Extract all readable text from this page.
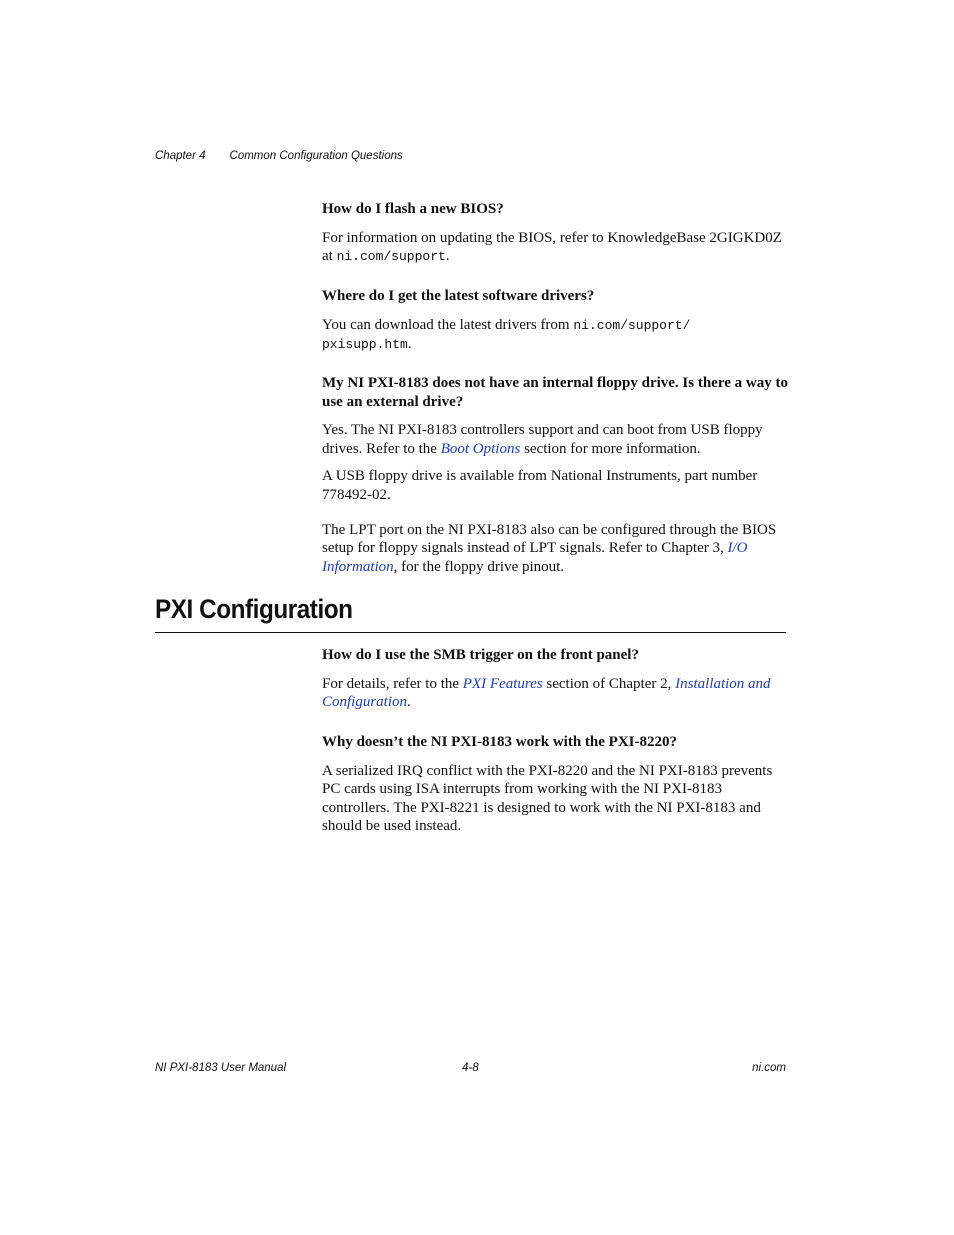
Chapter 4 Common Configuration Questions

How do I flash a new BIOS?

For information on updating the BIOS, refer to KnowledgeBase 2GIGKD0Z at ni.com/support.

Where do I get the latest software drivers?

You can download the latest drivers from ni.com/support/
pxisupp.htm.

My NI PXI-8183 does not have an internal floppy drive. Is there a way to use an external drive?

Yes. The NI PXI-8183 controllers support and can boot from USB floppy drives. Refer to the Boot Options section for more information.

A USB floppy drive is available from National Instruments, part number 778492-02.

The LPT port on the NI PXI-8183 also can be configured through the BIOS setup for floppy signals instead of LPT signals. Refer to Chapter 3, I/O Information, for the floppy drive pinout.

PXI Configuration

How do I use the SMB trigger on the front panel?

For details, refer to the PXI Features section of Chapter 2, Installation and Configuration.

Why doesn’t the NI PXI-8183 work with the PXI-8220?

A serialized IRQ conflict with the PXI-8220 and the NI PXI-8183 prevents PC cards using ISA interrupts from working with the NI PXI-8183 controllers. The PXI-8221 is designed to work with the NI PXI-8183 and should be used instead.

NI PXI-8183 User Manual	4-8	ni.com
